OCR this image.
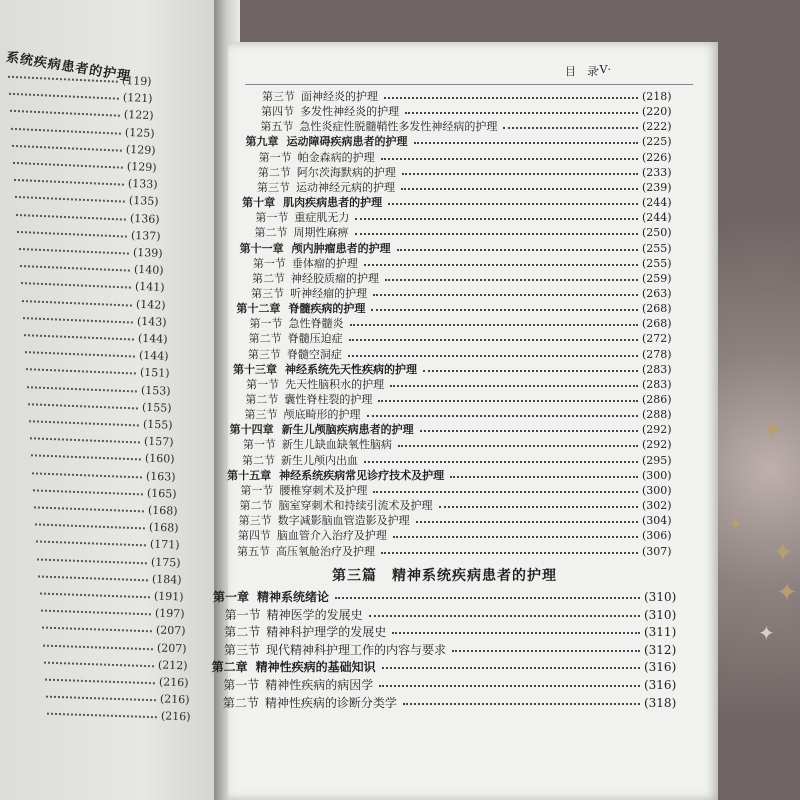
✦
✦
✦
✦
✦
系统疾病患者的护理
(119)
(121)
(122)
(125)
(129)
(129)
(133)
(135)
(136)
(137)
(139)
(140)
(141)
(142)
(143)
(144)
(144)
(151)
(153)
(155)
(155)
(157)
(160)
(163)
(165)
(168)
(168)
(171)
(175)
(184)
(191)
(197)
(207)
(207)
(212)
(216)
(216)
(216)
目　录
·V·
第三节 面神经炎的护理	(218)
第四节 多发性神经炎的护理	(220)
第五节 急性炎症性脱髓鞘性多发性神经病的护理	(222)
第九章 运动障碍疾病患者的护理	(225)
第一节 帕金森病的护理	(226)
第二节 阿尔茨海默病的护理	(233)
第三节 运动神经元病的护理	(239)
第十章 肌肉疾病患者的护理	(244)
第一节 重症肌无力	(244)
第二节 周期性麻痹	(250)
第十一章 颅内肿瘤患者的护理	(255)
第一节 垂体瘤的护理	(255)
第二节 神经胶质瘤的护理	(259)
第三节 听神经瘤的护理	(263)
第十二章 脊髓疾病的护理	(268)
第一节 急性脊髓炎	(268)
第二节 脊髓压迫症	(272)
第三节 脊髓空洞症	(278)
第十三章 神经系统先天性疾病的护理	(283)
第一节 先天性脑积水的护理	(283)
第二节 囊性脊柱裂的护理	(286)
第三节 颅底畸形的护理	(288)
第十四章 新生儿颅脑疾病患者的护理	(292)
第一节 新生儿缺血缺氧性脑病	(292)
第二节 新生儿颅内出血	(295)
第十五章 神经系统疾病常见诊疗技术及护理	(300)
第一节 腰椎穿刺术及护理	(300)
第二节 脑室穿刺术和持续引流术及护理	(302)
第三节 数字减影脑血管造影及护理	(304)
第四节 脑血管介入治疗及护理	(306)
第五节 高压氧舱治疗及护理	(307)
第三篇　精神系统疾病患者的护理
第一章 精神系统绪论	(310)
第一节 精神医学的发展史	(310)
第二节 精神科护理学的发展史	(311)
第三节 现代精神科护理工作的内容与要求	(312)
第二章 精神性疾病的基础知识	(316)
第一节 精神性疾病的病因学	(316)
第二节 精神性疾病的诊断分类学	(318)
